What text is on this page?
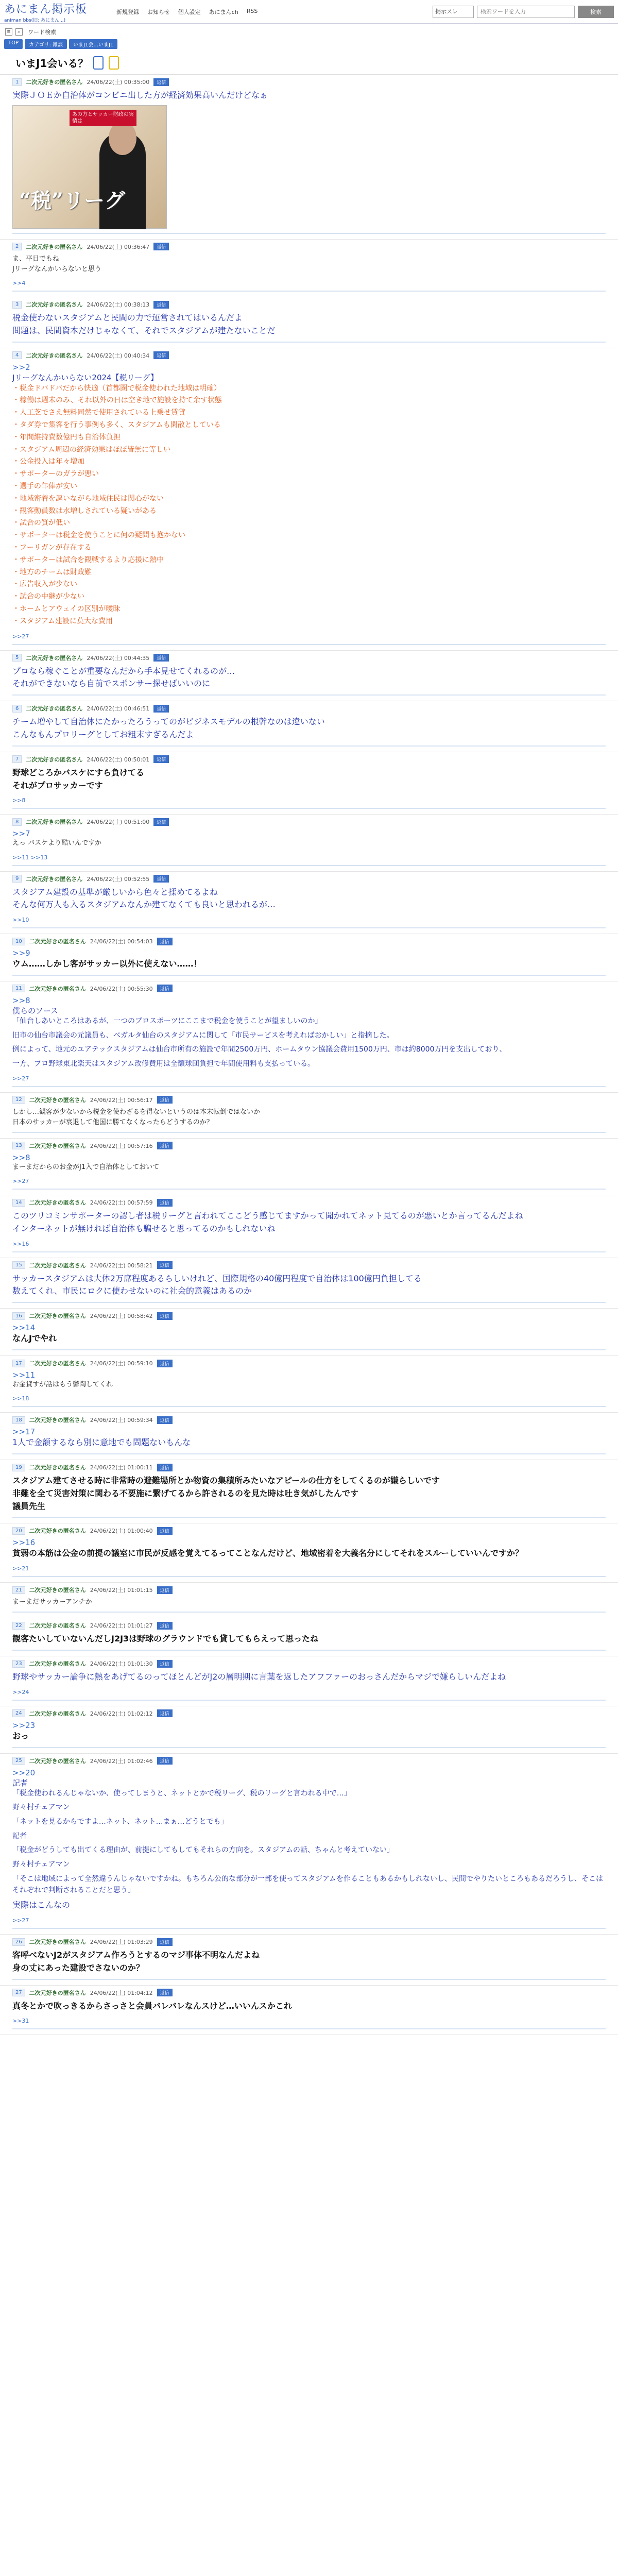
あにまん掲示板
animan bbs(旧: あにまん...)
新規登録 お知らせ 個人設定 あにまんch RSS	掲示スレ
検索ワードを入力	検索
≡	⌕	ワード検索
TOP	カテゴリ: 雑談	いまJ1会...いまJ1
いまJ1会いる？
1	二次元好きの匿名さん 24/06/22(土) 00:35:00	返信
実際ＪＯＥか自治体がコンビニ出した方が経済効果高いんだけどなぁ
あの方とサッカー財政の実情は
“税”リーグ
2	二次元好きの匿名さん 24/06/22(土) 00:36:47	返信
ま、平日でもね
Jリーグなんかいらないと思う
>>4
3	二次元好きの匿名さん 24/06/22(土) 00:38:13	返信
税金使わないスタジアムと民間の力で運営されてはいるんだよ
問題は、民間資本だけじゃなくて、それでスタジアムが建たないことだ
4	二次元好きの匿名さん 24/06/22(土) 00:40:34	返信
>>2
Jリーグなんかいらない2024【税リーグ】
・税金ドバドバだから快適（首都圏で税金使われた地域は明確）
・稼働は週末のみ、それ以外の日は空き地で施設を持て余す状態
・人工芝でさえ無料同然で使用されている上乗せ賃貸
・タダ券で集客を行う事例も多く、スタジアムも閑散としている
・年間維持費数億円も自治体負担
・スタジアム周辺の経済効果はほぼ皆無に等しい
・公金投入は年々増加
・サポーターのガラが悪い
・選手の年俸が安い
・地域密着を謳いながら地域住民は関心がない
・観客動員数は水増しされている疑いがある
・試合の質が低い
・サポーターは税金を使うことに何の疑問も抱かない
・フーリガンが存在する
・サポーターは試合を観戦するより応援に熱中
・地方のチームは財政難
・広告収入が少ない
・試合の中継が少ない
・ホームとアウェイの区別が曖昧
・スタジアム建設に莫大な費用
>>27
5	二次元好きの匿名さん 24/06/22(土) 00:44:35	返信
プロなら稼ぐことが重要なんだから手本見せてくれるのが…
それができないなら自前でスポンサー探せばいいのに
6	二次元好きの匿名さん 24/06/22(土) 00:46:51	返信
チーム増やして自治体にたかったろうってのがビジネスモデルの根幹なのは違いない
こんなもんプロリーグとしてお粗末すぎるんだよ
7	二次元好きの匿名さん 24/06/22(土) 00:50:01	返信
野球どころかバスケにすら負けてる
それがプロサッカーです
>>8
8	二次元好きの匿名さん 24/06/22(土) 00:51:00	返信
>>7
えっ バスケより酷いんですか
>>11 >>13
9	二次元好きの匿名さん 24/06/22(土) 00:52:55	返信
スタジアム建設の基準が厳しいから色々と揉めてるよね
そんな何万人も入るスタジアムなんか建てなくても良いと思われるが…
>>10
10	二次元好きの匿名さん 24/06/22(土) 00:54:03	返信
>>9
ウム……しかし客がサッカー以外に使えない……！
11	二次元好きの匿名さん 24/06/22(土) 00:55:30	返信
>>8
僕らのソース
「仙台しあいところはあるが、一つのプロスポーツにここまで税金を使うことが望ましいのか」
旧市の仙台市議会の元議員も、ベガルタ仙台のスタジアムに関して「市民サービスを考えればおかしい」と指摘した。
例によって、地元のユアテックスタジアムは仙台市所有の施設で年間2500万円、ホームタウン協議会費用1500万円、市は約8000万円を支出しており、
一方、プロ野球東北楽天はスタジアム改修費用は全額球団負担で年間使用料も支払っている。
>>27
12	二次元好きの匿名さん 24/06/22(土) 00:56:17	返信
しかし…観客が少ないから税金を使わざるを得ないというのは本末転倒ではないか
日本のサッカーが衰退して他国に勝てなくなったらどうするのか？
13	二次元好きの匿名さん 24/06/22(土) 00:57:16	返信
>>8
まーまだからのお金がJ1入で自治体としておいて
>>27
14	二次元好きの匿名さん 24/06/22(土) 00:57:59	返信
このツリコミンサポーターの認し者は税リーグと言われてここどう感じてますかって聞かれてネット見てるのが悪いとか言ってるんだよね
インターネットが無ければ自治体も騙せると思ってるのかもしれないね
>>16
15	二次元好きの匿名さん 24/06/22(土) 00:58:21	返信
サッカースタジアムは大体2万席程度あるらしいけれど、国際規格の40億円程度で自治体は100億円負担してる
数えてくれ、市民にロクに使わせないのに社会的意義はあるのか
16	二次元好きの匿名さん 24/06/22(土) 00:58:42	返信
>>14
なんJでやれ
17	二次元好きの匿名さん 24/06/22(土) 00:59:10	返信
>>11
お金貸すが話はもう鬱陶してくれ
>>18
18	二次元好きの匿名さん 24/06/22(土) 00:59:34	返信
>>17
1人で金額するなら別に意地でも問題ないもんな
19	二次元好きの匿名さん 24/06/22(土) 01:00:11	返信
スタジアム建てさせる時に非常時の避難場所とか物資の集積所みたいなアピールの仕方をしてくるのが嫌らしいです
非難を全て災害対策に関わる不要施に繋げてるから許されるのを見た時は吐き気がしたんです
議員先生
20	二次元好きの匿名さん 24/06/22(土) 01:00:40	返信
>>16
貧弱の本筋は公金の前提の議室に市民が反感を覚えてるってことなんだけど、地域密着を大義名分にしてそれをスルーしていいんですか？
>>21
21	二次元好きの匿名さん 24/06/22(土) 01:01:15	返信
まーまだサッカーアンチか
22	二次元好きの匿名さん 24/06/22(土) 01:01:27	返信
観客たいしていないんだしJ2J3は野球のグラウンドでも貸してもらえって思ったね
23	二次元好きの匿名さん 24/06/22(土) 01:01:30	返信
野球やサッカー論争に熱をあげてるのってほとんどがJ2の層明期に言葉を返したアフファーのおっさんだからマジで嫌らしいんだよね
>>24
24	二次元好きの匿名さん 24/06/22(土) 01:02:12	返信
>>23
おっ
25	二次元好きの匿名さん 24/06/22(土) 01:02:46	返信
>>20
記者
「税金使われるんじゃないか、使ってしまうと、ネットとかで税リーグ、税のリーグと言われる中で…」
野々村チェアマン
「ネットを見るからですよ…ネット、ネット…まぁ…どうとでも」
記者
「税金がどうしても出てくる理由が、前提にしてもしてもそれらの方向を。スタジアムの話、ちゃんと考えていない」
野々村チェアマン
「そこは地域によって全然違うんじゃないですかね。もちろん公的な部分が一部を使ってスタジアムを作ることもあるかもしれないし、民間でやりたいところもあるだろうし、そこはそれぞれで判断されることだと思う」
実際はこんなの
>>27
26	二次元好きの匿名さん 24/06/22(土) 01:03:29	返信
客呼べないJ2がスタジアム作ろうとするのマジ事体不明なんだよね
身の丈にあった建設でさないのか？
27	二次元好きの匿名さん 24/06/22(土) 01:04:12	返信
真冬とかで吹っきるからさっさと会員バレバレなんスけど…いいんスかこれ
>>31
